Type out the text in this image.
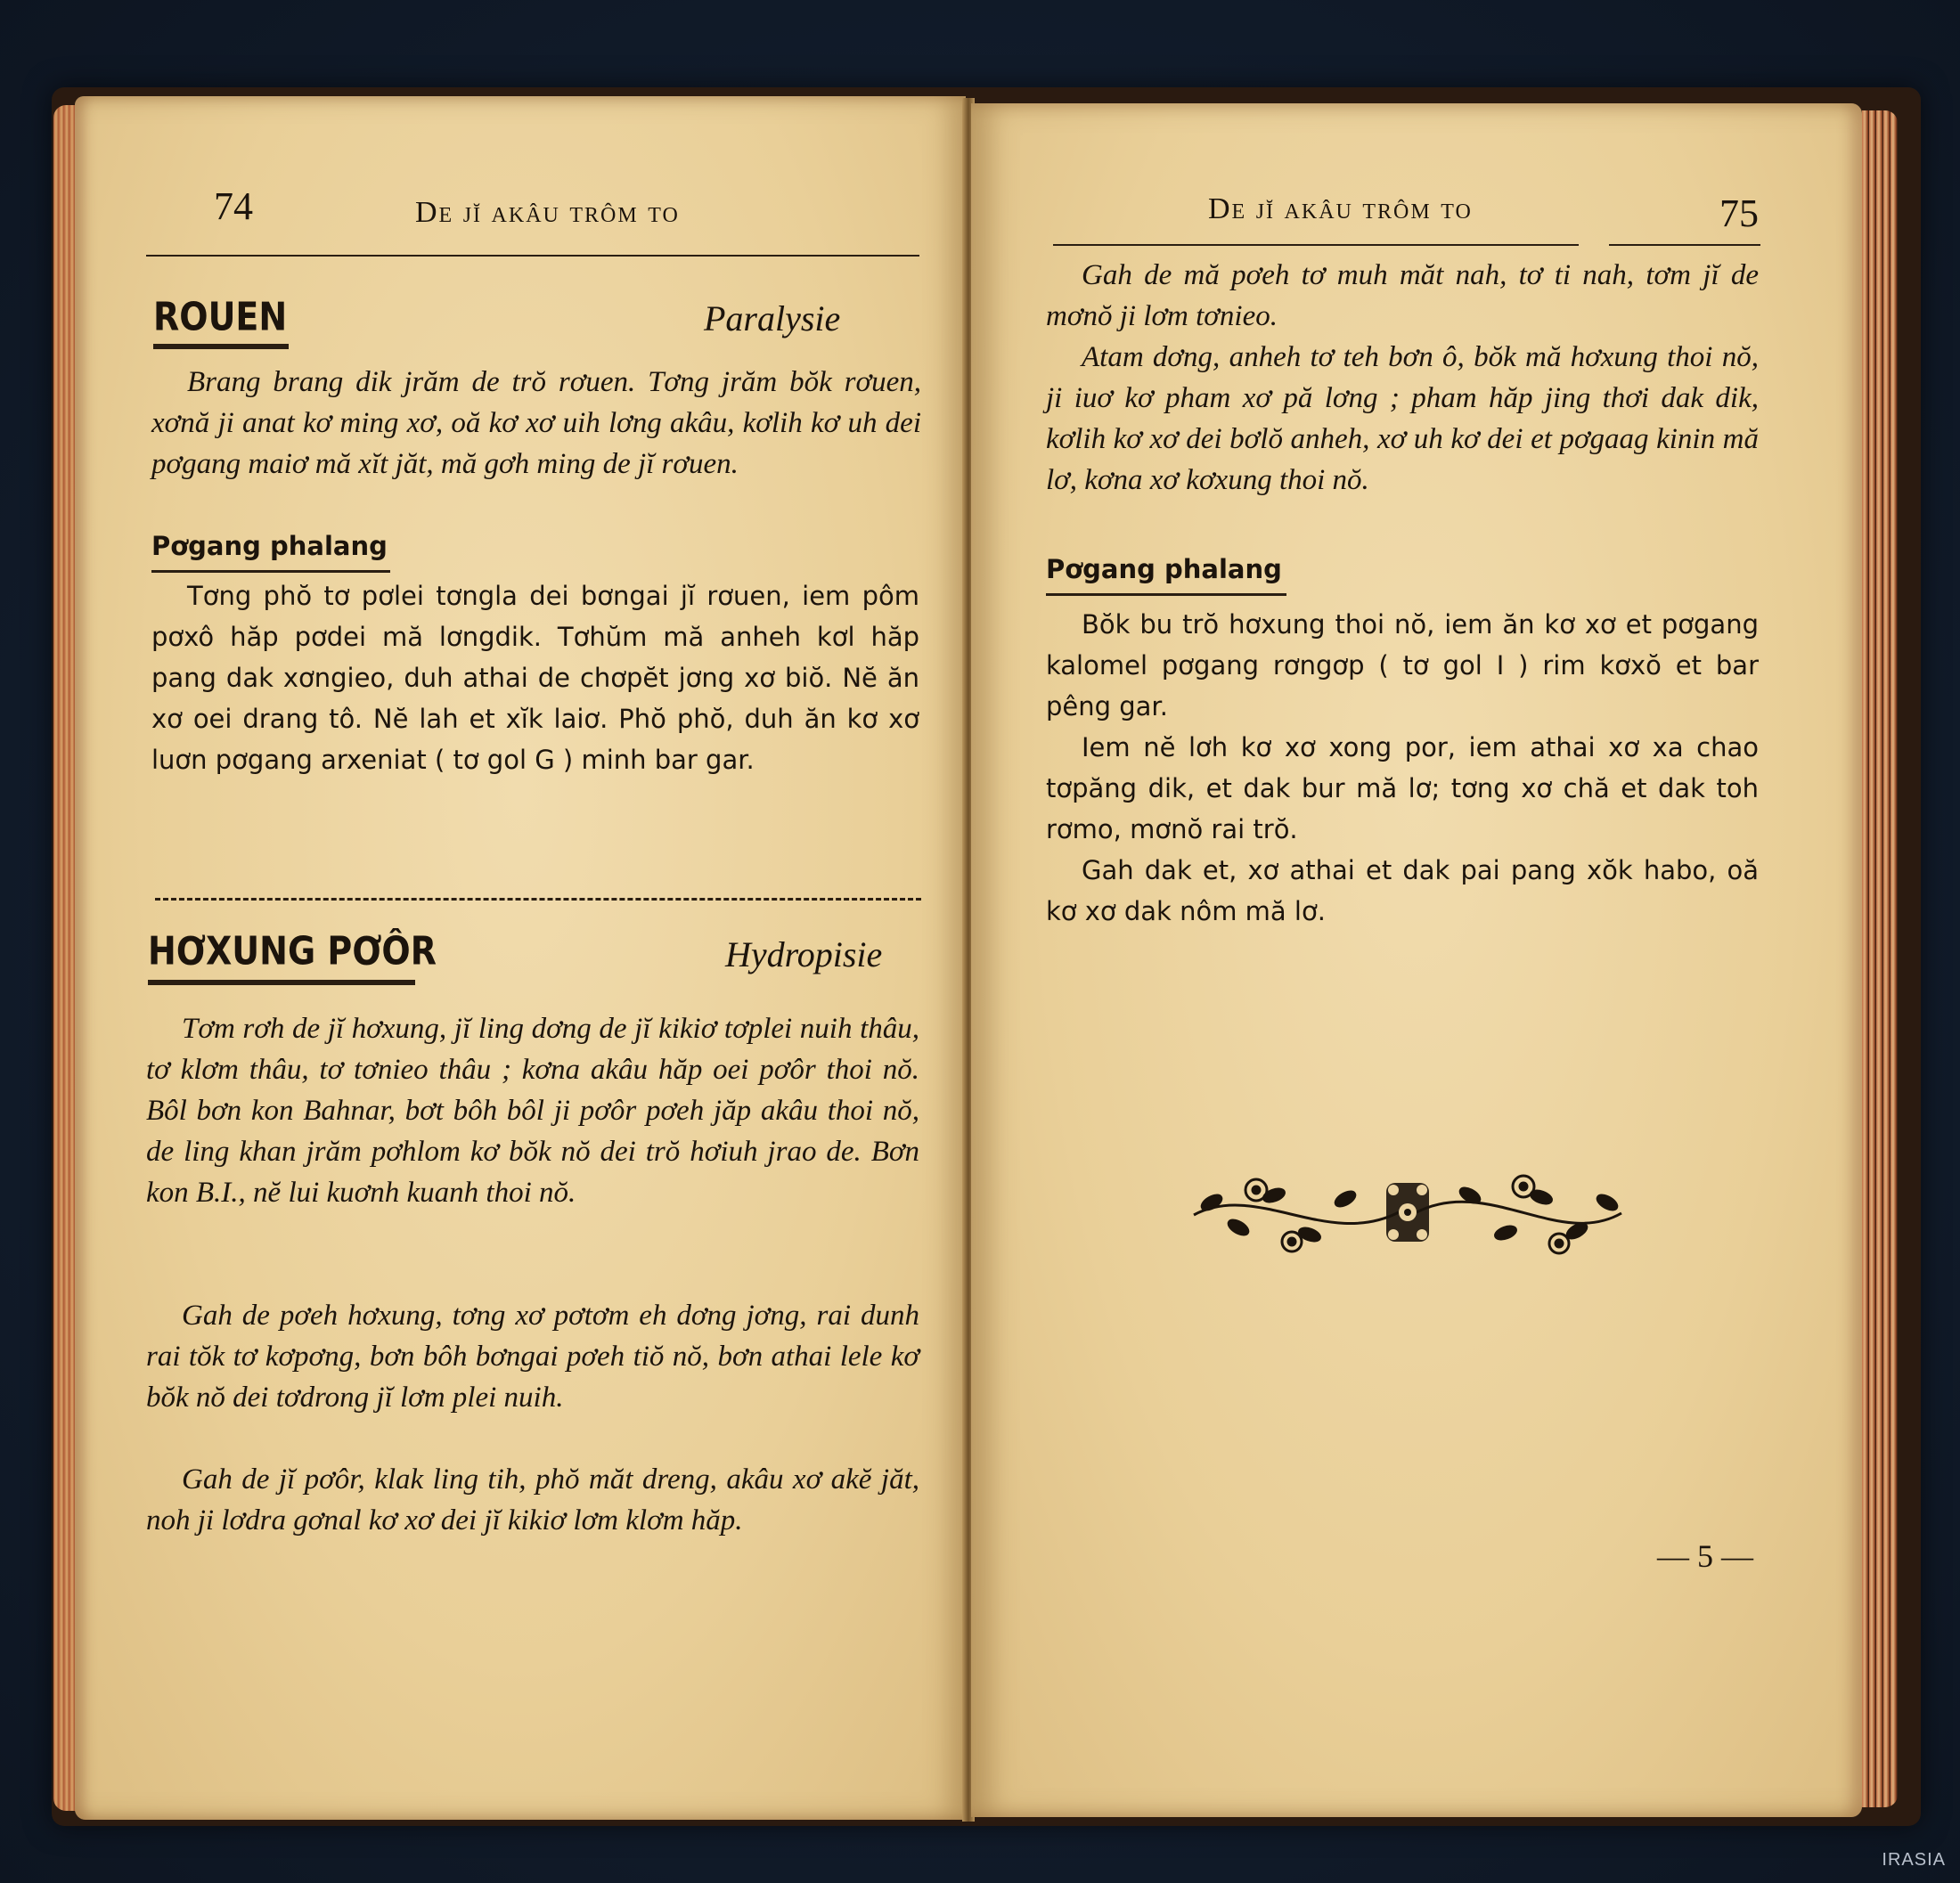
74	De jĭ akâu trôm to
ROUEN	Paralysie

Brang brang dik jrăm de trŏ rơuen. Tơng jrăm bŏk rơuen, xơnă ji anat kơ ming xơ, oă kơ xơ uih lơng akâu, kơlih kơ uh dei pơgang maiơ mă xĭt jăt, mă gơh ming de jĭ rơuen.

Pơgang phalang

Tơng phŏ tơ pơlei tơngla dei bơngai jĭ rơuen, iem pôm pơxô hăp pơdei mă lơngdik. Tơhŭm mă anheh kơl hăp pang dak xơngieo, duh athai de chơpĕt jơng xơ biŏ. Nĕ ăn xơ oei drang tô. Nĕ lah et xĭk laiơ. Phŏ phŏ, duh ăn kơ xơ luơn pơgang arxeniat ( tơ gol G ) minh bar gar.

HƠXUNG PƠÔR	Hydropisie

Tơm rơh de jĭ hơxung, jĭ ling dơng de jĭ kikiơ tơplei nuih thâu, tơ klơm thâu, tơ tơnieo thâu ; kơna akâu hăp oei pơôr thoi nŏ. Bôl bơn kon Bahnar, bơt bôh bôl ji pơôr pơeh jăp akâu thoi nŏ, de ling khan jrăm pơhlom kơ bŏk nŏ dei trŏ hơiuh jrao de. Bơn kon B.I., nĕ lui kuơnh kuanh thoi nŏ.

Gah de pơeh hơxung, tơng xơ pơtơm eh dơng jơng, rai dunh rai tŏk tơ kơpơng, bơn bôh bơngai pơeh tiŏ nŏ, bơn athai lele kơ bŏk nŏ dei tơdrong jĭ lơm plei nuih.

Gah de jĭ pơôr, klak ling tih, phŏ măt dreng, akâu xơ akĕ jăt, noh ji lơdra gơnal kơ xơ dei jĭ kikiơ lơm klơm hăp.

De jĭ akâu trôm to	75

Gah de mă pơeh tơ muh măt nah, tơ ti nah, tơm jĭ de mơnŏ ji lơm tơnieo.

Atam dơng, anheh tơ teh bơn ô, bŏk mă hơxung thoi nŏ, ji iuơ kơ pham xơ pă lơng ; pham hăp jing thơi dak dik, kơlih kơ xơ dei bơlŏ anheh, xơ uh kơ dei et pơgaag kinin mă lơ, kơna xơ kơxung thoi nŏ.

Pơgang phalang

Bŏk bu trŏ hơxung thoi nŏ, iem ăn kơ xơ et pơgang kalomel pơgang rơngơp ( tơ gol I ) rim kơxŏ et bar pêng gar.

Iem nĕ lơh kơ xơ xong por, iem athai xơ xa chao tơpăng dik, et dak bur mă lơ; tơng xơ chă et dak toh rơmo, mơnŏ rai trŏ.

Gah dak et, xơ athai et dak pai pang xŏk habo, oă kơ xơ dak nôm mă lơ.

— 5 —
IRASIA
